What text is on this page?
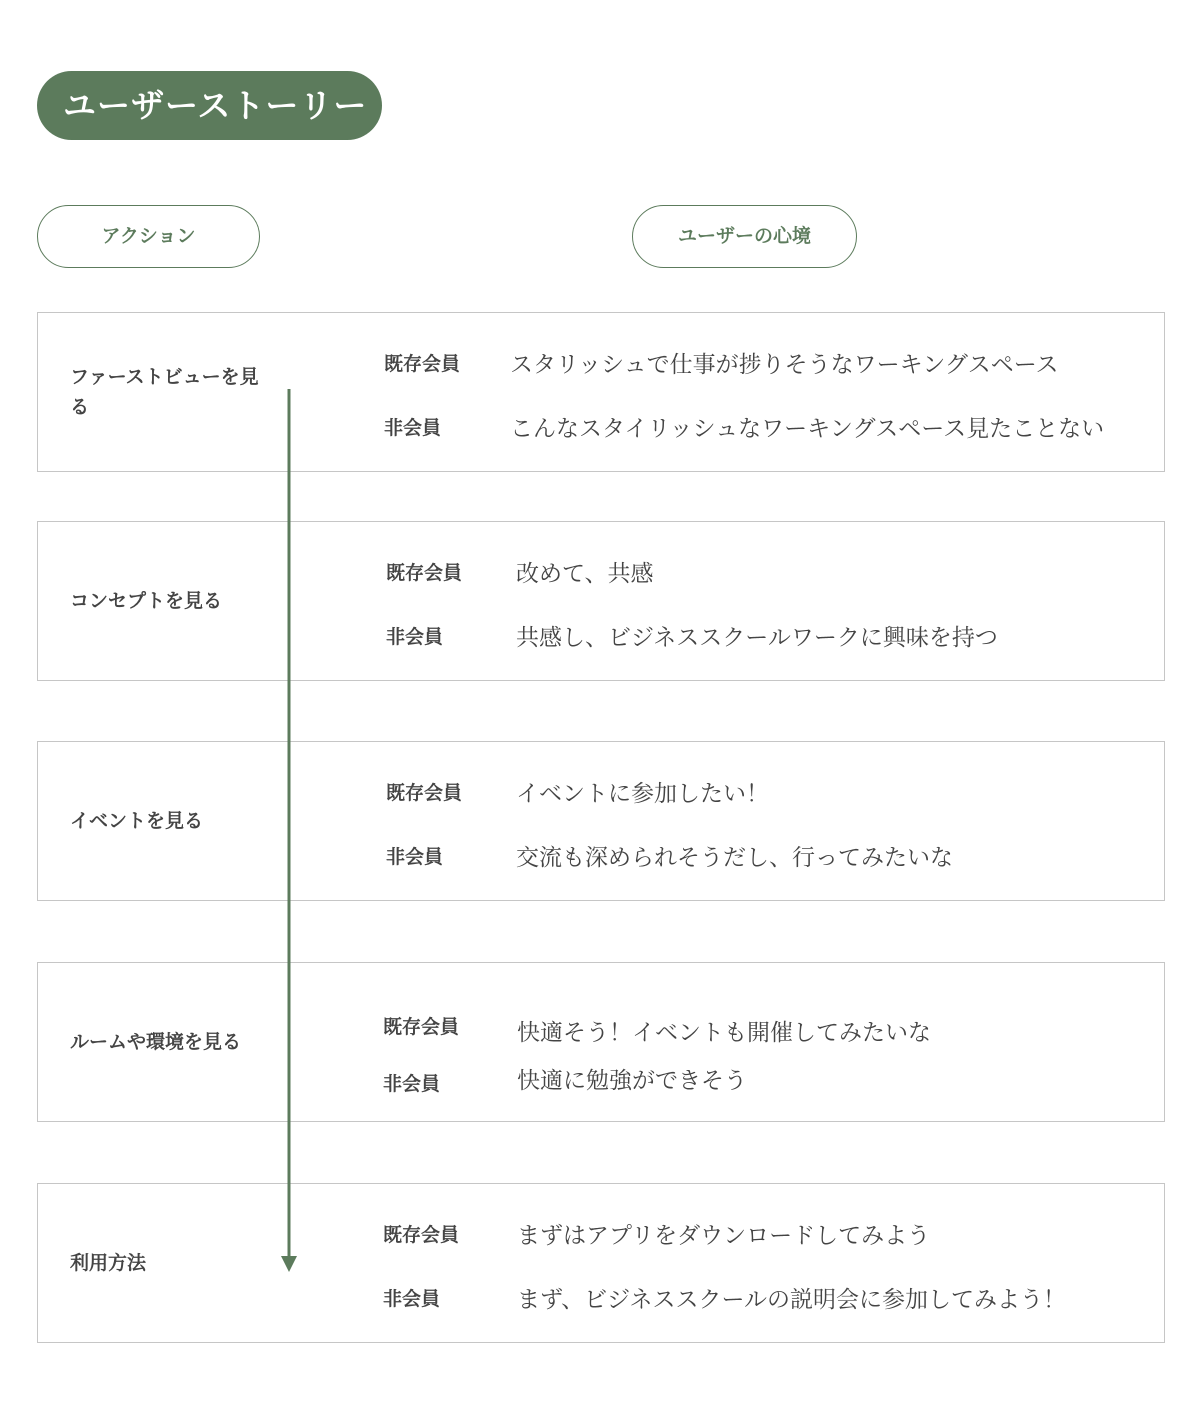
ユーザーストーリー
アクション	ユーザーの心境
ファーストビューを見る
既存会員 スタリッシュで仕事が捗りそうなワーキングスペース
非会員	こんなスタイリッシュなワーキングスペース見たことない
コンセプトを見る
既存会員 改めて、共感
非会員	共感し、ビジネススクールワークに興味を持つ
イベントを見る
既存会員 イベントに参加したい！
非会員	交流も深められそうだし、行ってみたいな
ルームや環境を見る
既存会員	快適そう！イベントも開催してみたいな
非会員	快適に勉強ができそう
利用方法
既存会員	まずはアプリをダウンロードしてみよう
非会員	まず、ビジネススクールの説明会に参加してみよう！
